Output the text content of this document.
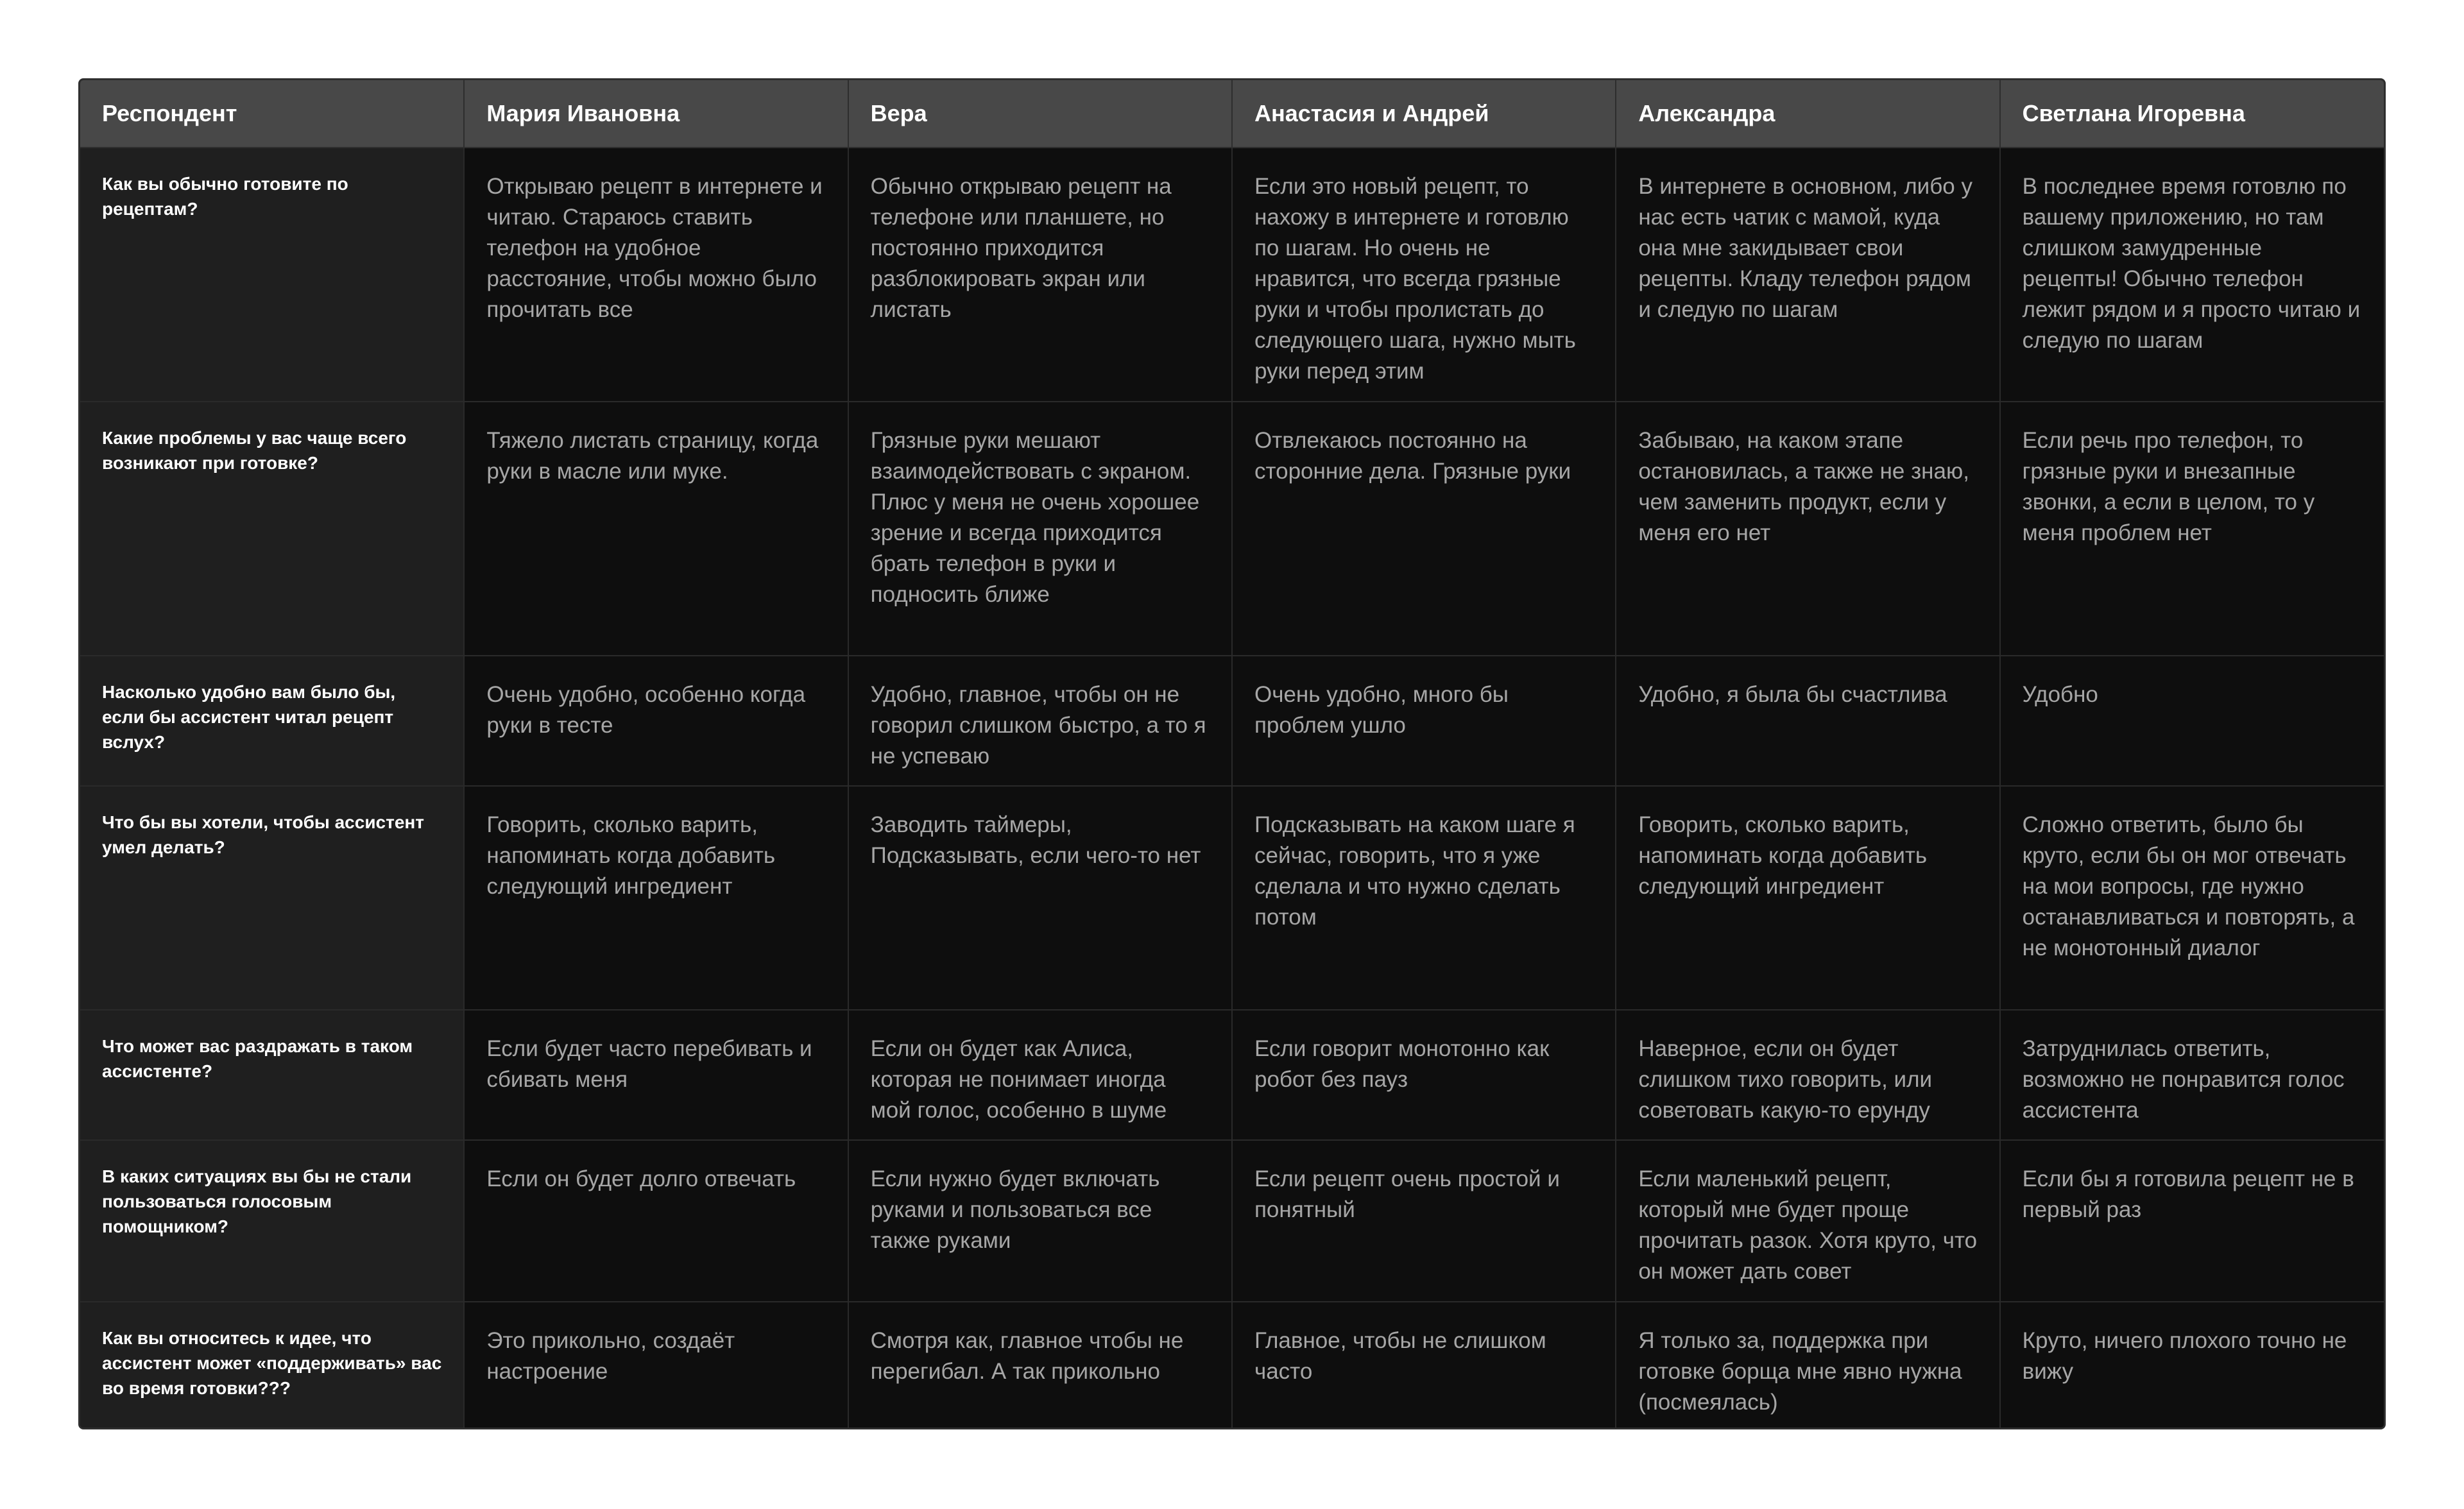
Респондент	Мария Ивановна	Вера	Анастасия и Андрей	Александра	Светлана Игоревна
Как вы обычно готовите по рецептам?	Открываю рецепт в интернете и читаю. Стараюсь ставить телефон на удобное расстояние, чтобы можно было прочитать все	Обычно открываю рецепт на телефоне или планшете, но постоянно приходится разблокировать экран или листать	Если это новый рецепт, то нахожу в интернете и готовлю по шагам. Но очень не нравится, что всегда грязные руки и чтобы пролистать до следующего шага, нужно мыть руки перед этим	В интернете в основном, либо у нас есть чатик с мамой, куда она мне закидывает свои рецепты. Кладу телефон рядом и следую по шагам	В последнее время готовлю по вашему приложению, но там слишком замудренные рецепты! Обычно телефон лежит рядом и я просто читаю и следую по шагам
Какие проблемы у вас чаще всего возникают при готовке?	Тяжело листать страницу, когда руки в масле или муке.	Грязные руки мешают взаимодействовать с экраном. Плюс у меня не очень хорошее зрение и всегда приходится брать телефон в руки и подносить ближе	Отвлекаюсь постоянно на сторонние дела. Грязные руки	Забываю, на каком этапе остановилась, а также не знаю, чем заменить продукт, если у меня его нет	Если речь про телефон, то грязные руки и внезапные звонки, а если в целом, то у меня проблем нет
Насколько удобно вам было бы, если бы ассистент читал рецепт вслух?	Очень удобно, особенно когда руки в тесте	Удобно, главное, чтобы он не говорил слишком быстро, а то я не успеваю	Очень удобно, много бы проблем ушло	Удобно, я была бы счастлива	Удобно
Что бы вы хотели, чтобы ассистент умел делать?	Говорить, сколько варить, напоминать когда добавить следующий ингредиент	Заводить таймеры, Подсказывать, если чего-то нет	Подсказывать на каком шаге я сейчас, говорить, что я уже сделала и что нужно сделать потом	Говорить, сколько варить, напоминать когда добавить следующий ингредиент	Сложно ответить, было бы круто, если бы он мог отвечать на мои вопросы, где нужно останавливаться и повторять, а не монотонный диалог
Что может вас раздражать в таком ассистенте?	Если будет часто перебивать и сбивать меня	Если он будет как Алиса, которая не понимает иногда мой голос, особенно в шуме	Если говорит монотонно как робот без пауз	Наверное, если он будет слишком тихо говорить, или советовать какую-то ерунду	Затруднилась ответить, возможно не понравится голос ассистента
В каких ситуациях вы бы не стали пользоваться голосовым помощником?	Если он будет долго отвечать	Если нужно будет включать руками и пользоваться все также руками	Если рецепт очень простой и понятный	Если маленький рецепт, который мне будет проще прочитать разок. Хотя круто, что он может дать совет	Если бы я готовила рецепт не в первый раз
Как вы относитесь к идее, что ассистент может «поддерживать» вас во время готовки???	Это прикольно, создаёт настроение	Смотря как, главное чтобы не перегибал. А так прикольно	Главное, чтобы не слишком часто	Я только за, поддержка при готовке борща мне явно нужна (посмеялась)	Круто, ничего плохого точно не вижу
